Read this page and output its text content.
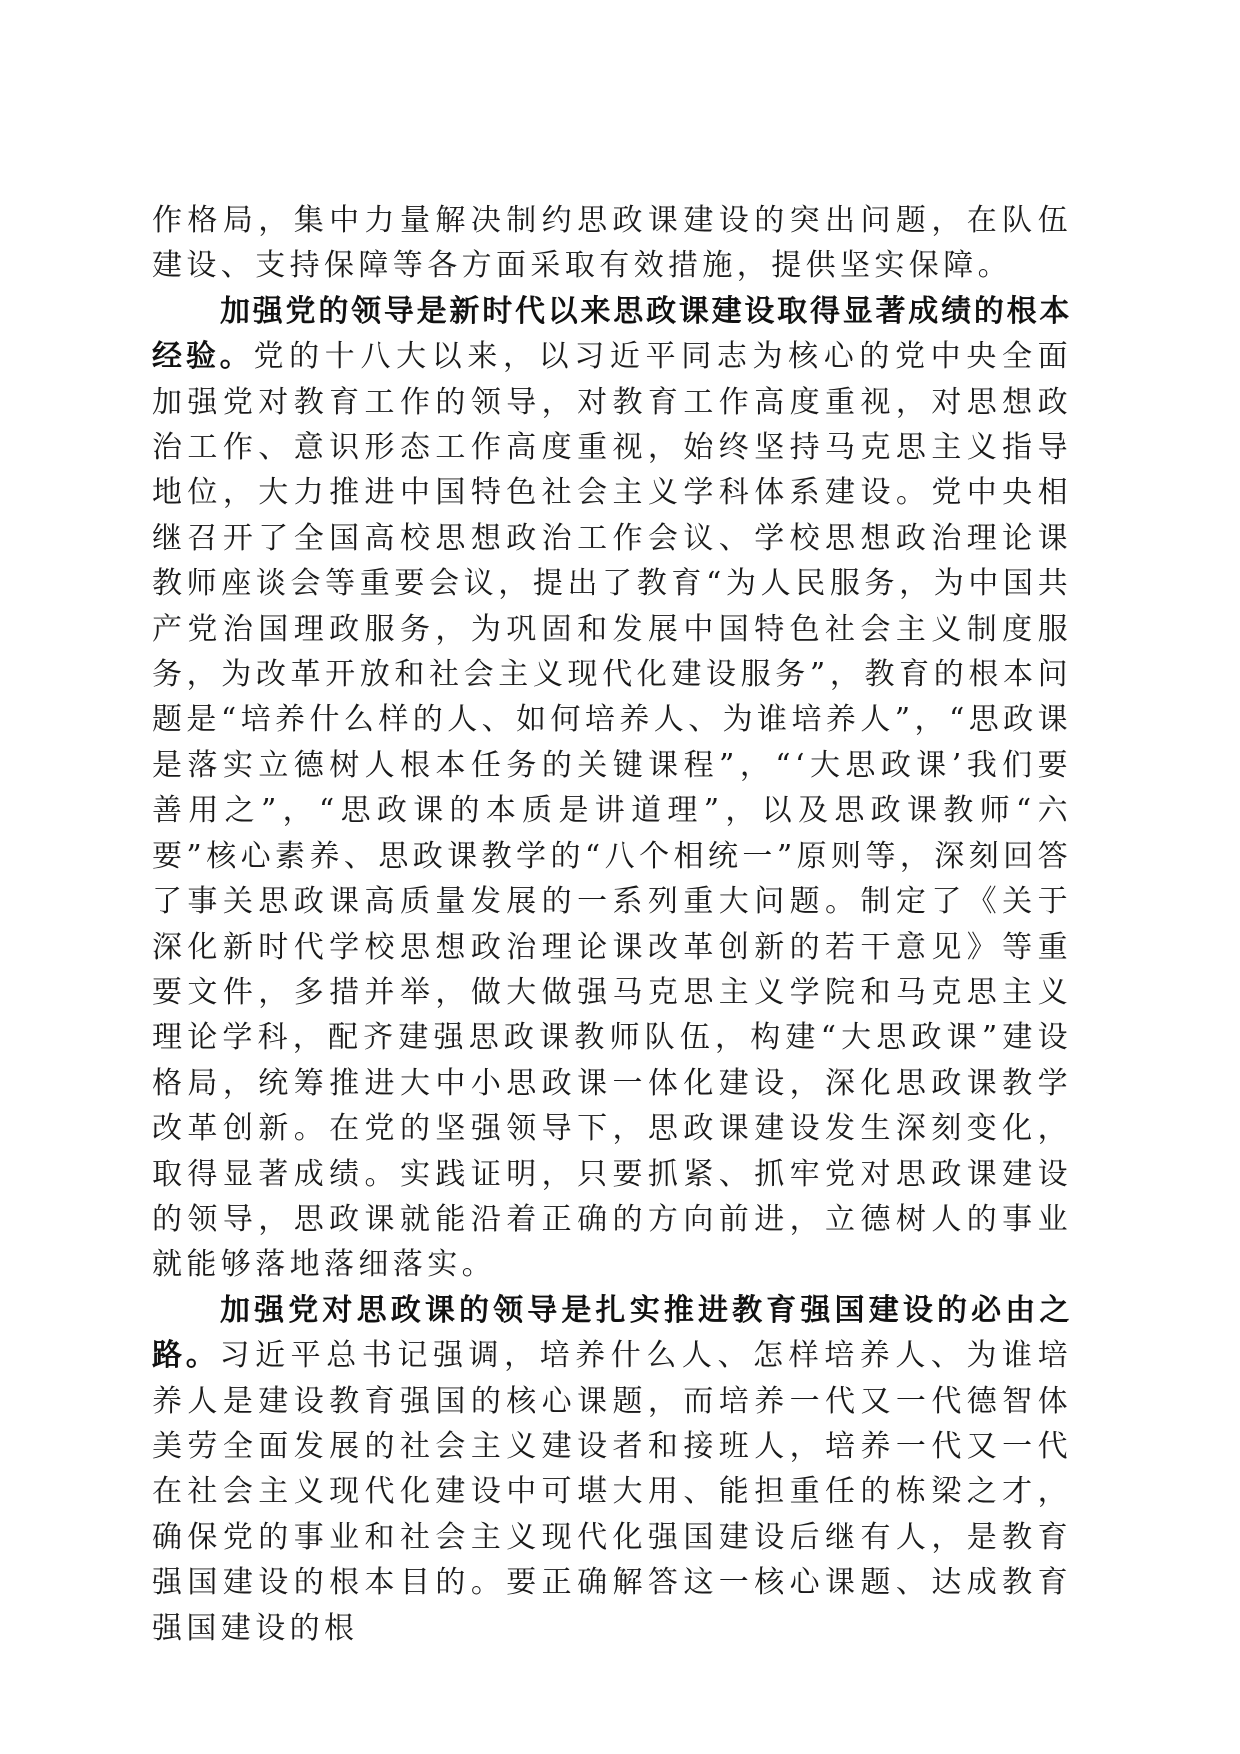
作格局，集中力量解决制约思政课建设的突出问题，在队伍建设、支持保障等各方面采取有效措施，提供坚实保障。

加强党的领导是新时代以来思政课建设取得显著成绩的根本经验。党的十八大以来，以习近平同志为核心的党中央全面加强党对教育工作的领导，对教育工作高度重视，对思想政治工作、意识形态工作高度重视，始终坚持马克思主义指导地位，大力推进中国特色社会主义学科体系建设。党中央相继召开了全国高校思想政治工作会议、学校思想政治理论课教师座谈会等重要会议，提出了教育“为人民服务，为中国共产党治国理政服务，为巩固和发展中国特色社会主义制度服务，为改革开放和社会主义现代化建设服务”，教育的根本问题是“培养什么样的人、如何培养人、为谁培养人”，“思政课是落实立德树人根本任务的关键课程”，“‘大思政课’我们要善用之”，“思政课的本质是讲道理”，以及思政课教师“六要”核心素养、思政课教学的“八个相统一”原则等，深刻回答了事关思政课高质量发展的一系列重大问题。制定了《关于深化新时代学校思想政治理论课改革创新的若干意见》等重要文件，多措并举，做大做强马克思主义学院和马克思主义理论学科，配齐建强思政课教师队伍，构建“大思政课”建设格局，统筹推进大中小思政课一体化建设，深化思政课教学改革创新。在党的坚强领导下，思政课建设发生深刻变化，取得显著成绩。实践证明，只要抓紧、抓牢党对思政课建设的领导，思政课就能沿着正确的方向前进，立德树人的事业就能够落地落细落实。

加强党对思政课的领导是扎实推进教育强国建设的必由之路。习近平总书记强调，培养什么人、怎样培养人、为谁培养人是建设教育强国的核心课题，而培养一代又一代德智体美劳全面发展的社会主义建设者和接班人，培养一代又一代在社会主义现代化建设中可堪大用、能担重任的栋梁之才，确保党的事业和社会主义现代化强国建设后继有人，是教育强国建设的根本目的。要正确解答这一核心课题、达成教育强国建设的根
